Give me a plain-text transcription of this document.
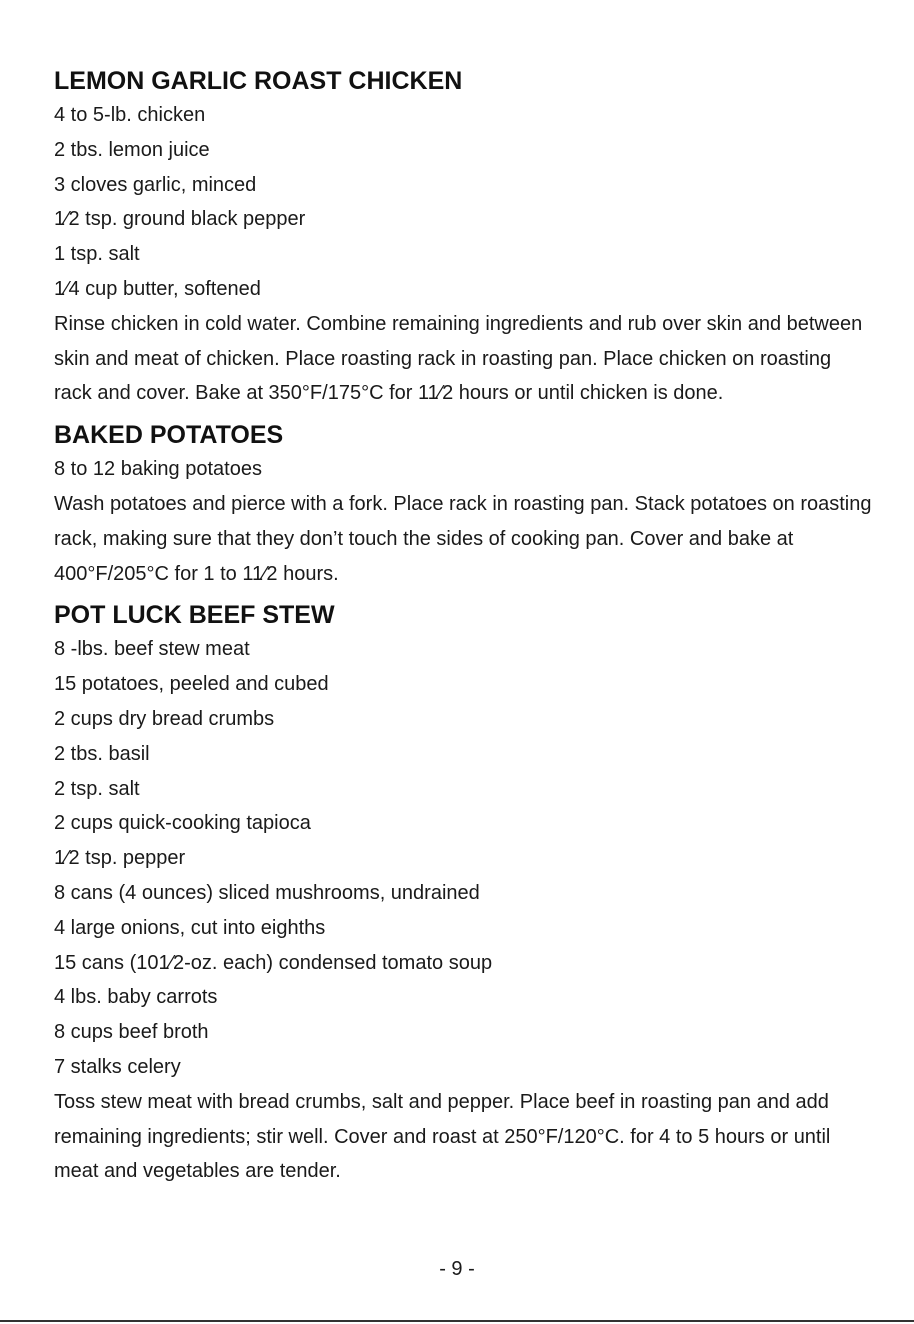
LEMON GARLIC ROAST CHICKEN
4 to 5-lb. chicken
2 tbs. lemon juice
3 cloves garlic, minced
1⁄2 tsp. ground black pepper
1 tsp. salt
1⁄4 cup butter, softened

Rinse chicken in cold water. Combine remaining ingredients and rub over skin and between skin and meat of chicken. Place roasting rack in roasting pan. Place chicken on roasting rack and cover. Bake at 350°F/175°C for 11⁄2 hours or until chicken is done.

BAKED POTATOES
8 to 12 baking potatoes

Wash potatoes and pierce with a fork. Place rack in roasting pan. Stack potatoes on roasting rack, making sure that they don’t touch the sides of cooking pan. Cover and bake at 400°F/205°C for 1 to 11⁄2 hours.

POT LUCK BEEF STEW
8 -lbs. beef stew meat
15 potatoes, peeled and cubed
2 cups dry bread crumbs
2 tbs. basil
2 tsp. salt
2 cups quick-cooking tapioca
1⁄2 tsp. pepper
8 cans (4 ounces) sliced mushrooms, undrained
4 large onions, cut into eighths
15 cans (101⁄2-oz. each) condensed tomato soup
4 lbs. baby carrots
8 cups beef broth
7 stalks celery

Toss stew meat with bread crumbs, salt and pepper. Place beef in roasting pan and add remaining ingredients; stir well. Cover and roast at 250°F/120°C. for 4 to 5 hours or until meat and vegetables are tender.

- 9 -
